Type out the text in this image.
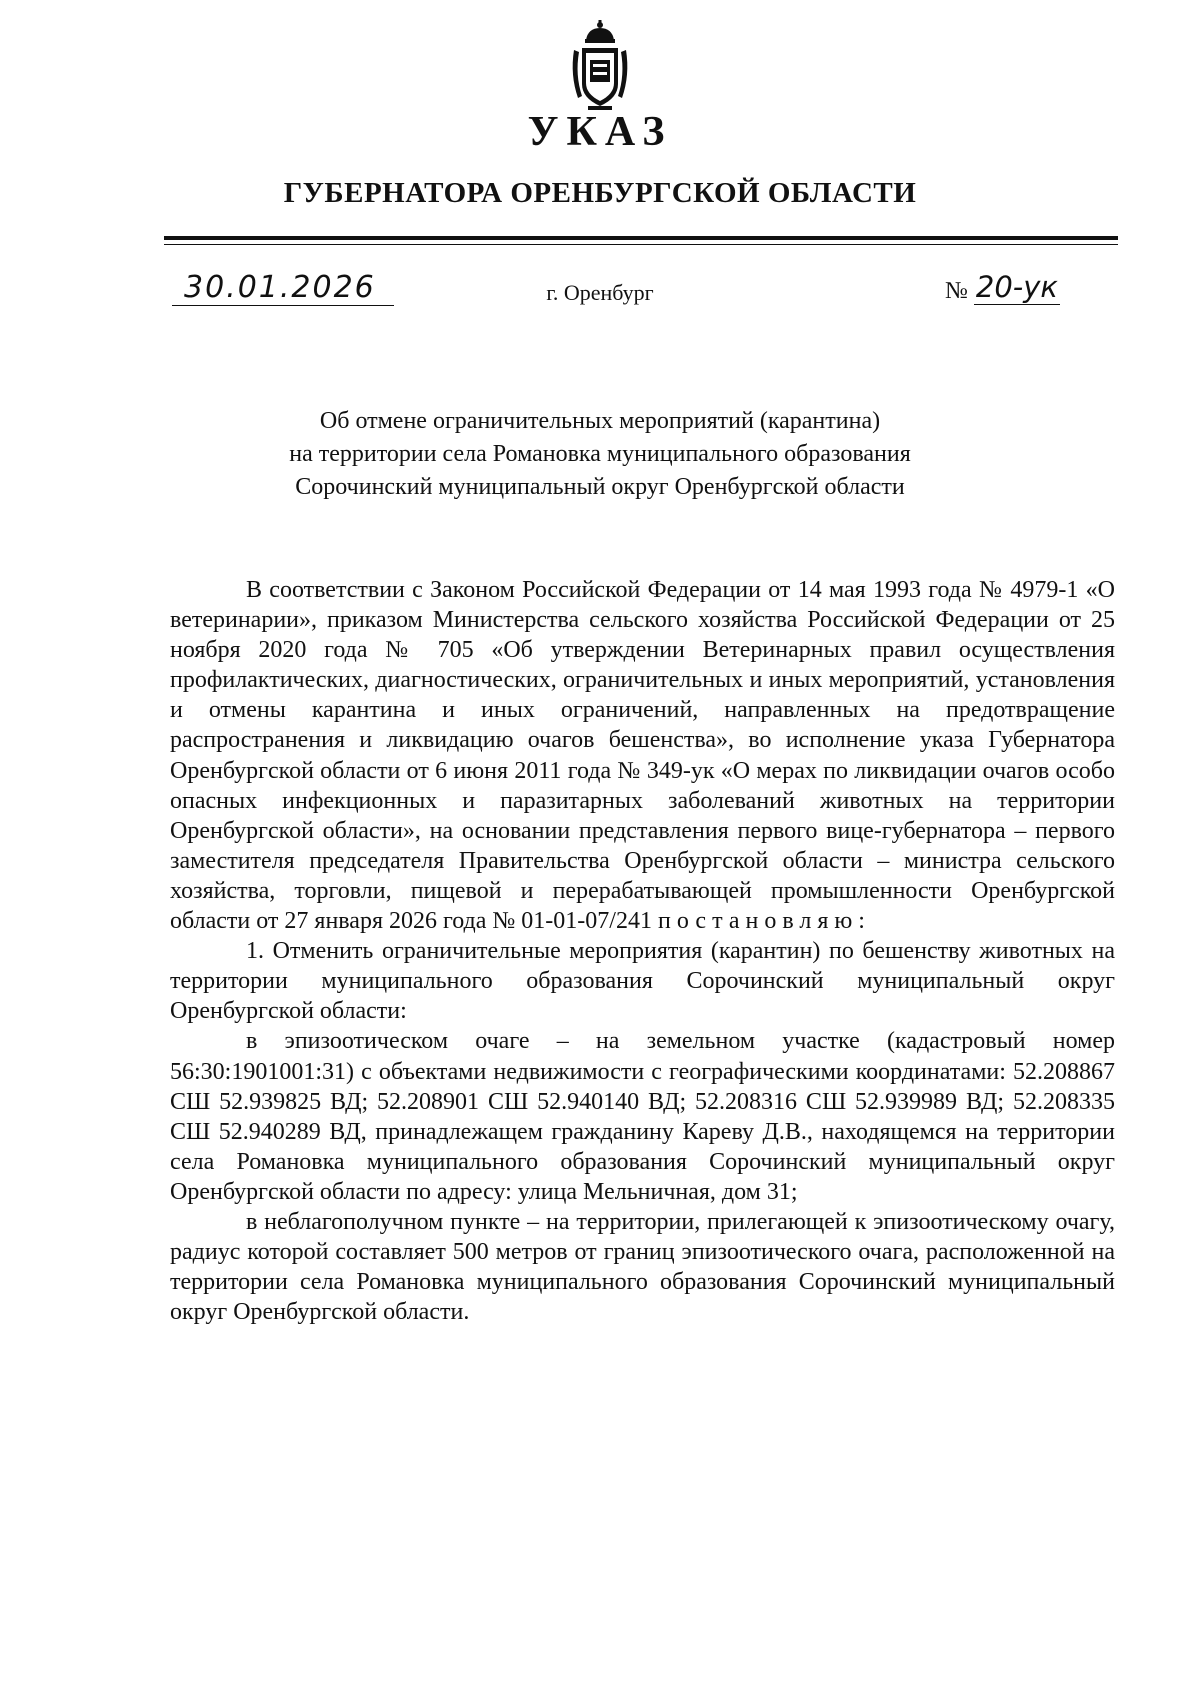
УКАЗ
ГУБЕРНАТОРА ОРЕНБУРГСКОЙ ОБЛАСТИ
30.01.2026	г. Оренбург	№ 20-ук
Об отмене ограничительных мероприятий (карантина)
на территории села Романовка муниципального образования
Сорочинский муниципальный округ Оренбургской области

В соответствии с Законом Российской Федерации от 14 мая 1993 года № 4979-1 «О ветеринарии», приказом Министерства сельского хозяйства Российской Федерации от 25 ноября 2020 года № 705 «Об утверждении Ветеринарных правил осуществления профилактических, диагностических, ограничительных и иных мероприятий, установления и отмены карантина и иных ограничений, направленных на предотвращение распространения и ликвидацию очагов бешенства», во исполнение указа Губернатора Оренбургской области от 6 июня 2011 года № 349-ук «О мерах по ликвидации очагов особо опасных инфекционных и паразитарных заболеваний животных на территории Оренбургской области», на основании представления первого вице-губернатора – первого заместителя председателя Правительства Оренбургской области – министра сельского хозяйства, торговли, пищевой и перерабатывающей промышленности Оренбургской области от 27 января 2026 года № 01-01-07/241 постановляю:

1. Отменить ограничительные мероприятия (карантин) по бешенству животных на территории муниципального образования Сорочинский муниципальный округ Оренбургской области:

в эпизоотическом очаге – на земельном участке (кадастровый номер 56:30:1901001:31) с объектами недвижимости с географическими координатами: 52.208867 СШ 52.939825 ВД; 52.208901 СШ 52.940140 ВД; 52.208316 СШ 52.939989 ВД; 52.208335 СШ 52.940289 ВД, принадлежащем гражданину Кареву Д.В., находящемся на территории села Романовка муниципального образования Сорочинский муниципальный округ Оренбургской области по адресу: улица Мельничная, дом 31;

в неблагополучном пункте – на территории, прилегающей к эпизоотическому очагу, радиус которой составляет 500 метров от границ эпизоотического очага, расположенной на территории села Романовка муниципального образования Сорочинский муниципальный округ Оренбургской области.
